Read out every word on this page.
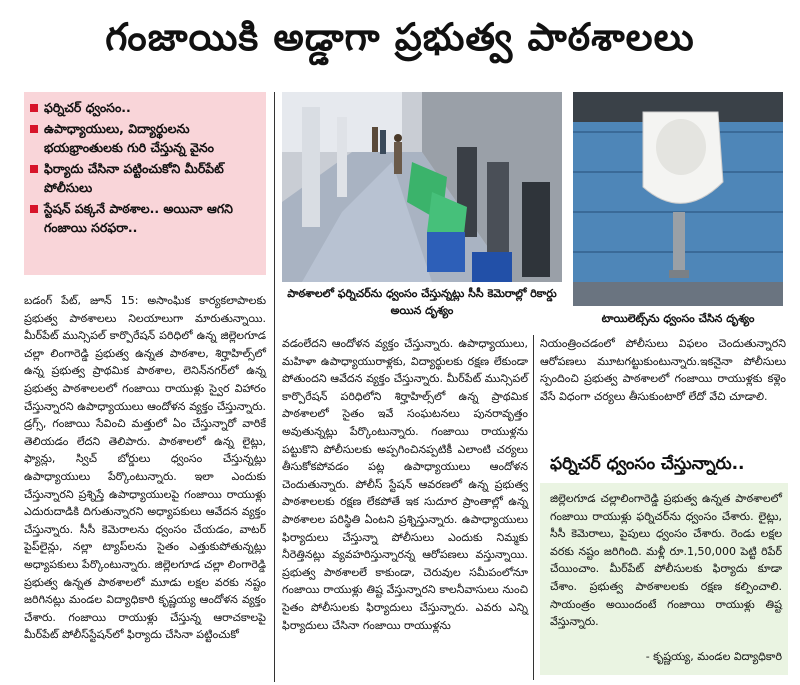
గంజాయికి అడ్డాగా ప్రభుత్వ పాఠశాలలు
ఫర్నిచర్ ధ్వంసం..
ఉపాధ్యాయులు, విద్యార్థులను భయభ్రాంతులకు గురి చేస్తున్న వైనం
ఫిర్యాదు చేసినా పట్టించుకోని మీర్‌పేట్ పోలీసులు
స్టేషన్ పక్కనే పాఠశాల.. అయినా ఆగని గంజాయి సరఫరా..
పాఠశాలలో ఫర్నిచర్‌ను ధ్వంసం చేస్తున్నట్లు సీసీ కెమెరాల్లో రికార్డు అయిన దృశ్యం
టాయిలెట్స్‌ను ధ్వంసం చేసిన దృశ్యం
బడంగ్ పేట్, జూన్ 15: అసాంఘిక కార్యకలాపాలకు ప్రభుత్వ పాఠశాలలు నిలయాలుగా మారుతున్నాయి. మీర్‌పేట్ మున్సిపల్ కార్పొరేషన్ పరిధిలో ఉన్న జిల్లెలగూడ చల్లా లింగారెడ్డి ప్రభుత్వ ఉన్నత పాఠశాల, శిర్హాహిల్స్‌లో ఉన్న ప్రభుత్వ ప్రాథమిక పాఠశాల, లెనిన్‌నగర్‌లో ఉన్న ప్రభుత్వ పాఠశాలలలో గంజాయి రాయుళ్లు స్వైర విహారం చేస్తున్నారని ఉపాధ్యాయులు ఆందోళన వ్యక్తం చేస్తున్నారు. డ్రగ్స్, గంజాయి సేవించి మత్తులో ఏం చేస్తున్నారో వారికే తెలియడం లేదని తెలిపారు. పాఠశాలలో ఉన్న లైట్లు, ఫ్యాన్లు, స్విచ్ బోర్డులు ధ్వంసం చేస్తున్నట్లు ఉపాధ్యాయులు పేర్కొంటున్నారు. ఇలా ఎందుకు చేస్తున్నారని ప్రశ్నిస్తే ఉపాధ్యాయులపై గంజాయి రాయుళ్లు ఎదురుదాడికి దిగుతున్నారని అధ్యాపకులు ఆవేదన వ్యక్తం చేస్తున్నారు. సీసీ కెమెరాలను ధ్వంసం చేయడం, వాటర్ పైప్‌లైన్లు, నల్లా ట్యాప్‌లను సైతం ఎత్తుకుపోతున్నట్లు అధ్యాపకులు పేర్కొంటున్నారు. జిల్లెలగూడ చల్లా లింగారెడ్డి ప్రభుత్వ ఉన్నత పాఠశాలలో మూడు లక్షల వరకు నష్టం జరిగినట్లు మండల విద్యాధికారి కృష్ణయ్య ఆందోళన వ్యక్తం చేశారు. గంజాయి రాయుళ్లు చేస్తున్న ఆరాచకాలపై మీర్‌పేట్ పోలీస్‌స్టేషన్‌లో ఫిర్యాదు చేసినా పట్టించుకో
వడంలేదని ఆందోళన వ్యక్తం చేస్తున్నారు. ఉపాధ్యాయులు, మహిళా ఉపాధ్యాయురాళ్లకు, విద్యార్థులకు రక్షణ లేకుండా పోతుందని ఆవేదన వ్యక్తం చేస్తున్నారు. మీర్‌పేట్ మున్సిపల్ కార్పొరేషన్ పరిధిలోని శిర్హాహిల్స్‌లో ఉన్న ప్రాథమిక పాఠశాలలో సైతం ఇవే సంఘటనలు పునరావృత్తం అవుతున్నట్లు పేర్కొంటున్నారు. గంజాయి రాయుళ్లను పట్టుకొని పోలీసులకు అప్పగించినప్పటికీ ఎలాంటి చర్యలు తీసుకోకపోవడం పట్ల ఉపాధ్యాయులు ఆందోళన చెందుతున్నారు. పోలీస్ స్టేషన్ ఆవరణలో ఉన్న ప్రభుత్వ పాఠశాలలకు రక్షణ లేకపోతే ఇక సుదూర ప్రాంతాల్లో ఉన్న పాఠశాలల పరిస్థితి ఏంటని ప్రశ్నిస్తున్నారు. ఉపాధ్యాయులు ఫిర్యాదులు చేస్తున్నా పోలీసులు ఎందుకు నిమ్మకు నీరెత్తినట్లు వ్యవహరిస్తున్నారన్న ఆరోపణలు వస్తున్నాయి. ప్రభుత్వ పాఠశాలలే కాకుండా, చెరువుల సమీపంలోనూ గంజాయి రాయుళ్లు తిష్ట వేస్తున్నారని కాలనీవాసులు నుంచి సైతం పోలీసులకు ఫిర్యాదులు చేస్తున్నారు. ఎవరు ఎన్ని ఫిర్యాదులు చేసినా గంజాయి రాయుళ్లను
నియంత్రించడంలో పోలీసులు విఫలం చెందుతున్నారని ఆరోపణలు మూటగట్టుకుంటున్నారు.ఇకనైనా పోలీసులు స్పందించి ప్రభుత్వ పాఠశాలలో గంజాయి రాయుళ్లకు కళ్లెం వేసే విధంగా చర్యలు తీసుకుంటారో లేదో వేచి చూడాలి.
ఫర్నిచర్ ధ్వంసం చేస్తున్నారు..
జిల్లెలగూడ చల్లాలింగారెడ్డి ప్రభుత్వ ఉన్నత పాఠశాలలో గంజాయి రాయుళ్లు ఫర్నిచర్‌ను ధ్వంసం చేశారు. లైట్లు, సీసీ కెమెరాలు, పైపులు ధ్వంసం చేశారు. రెండు లక్షల వరకు నష్టం జరిగింది. మళ్లీ రూ.1,50,000 పెట్టి రిపేర్ చేయించాం. మీర్‌పేట్ పోలీసులకు ఫిర్యాదు కూడా చేశాం. ప్రభుత్వ పాఠశాలలకు రక్షణ కల్పించాలి. సాయంత్రం అయిందంటే గంజాయి రాయుళ్లు తిష్ట వేస్తున్నారు.
- కృష్ణయ్య, మండల విద్యాధికారి
